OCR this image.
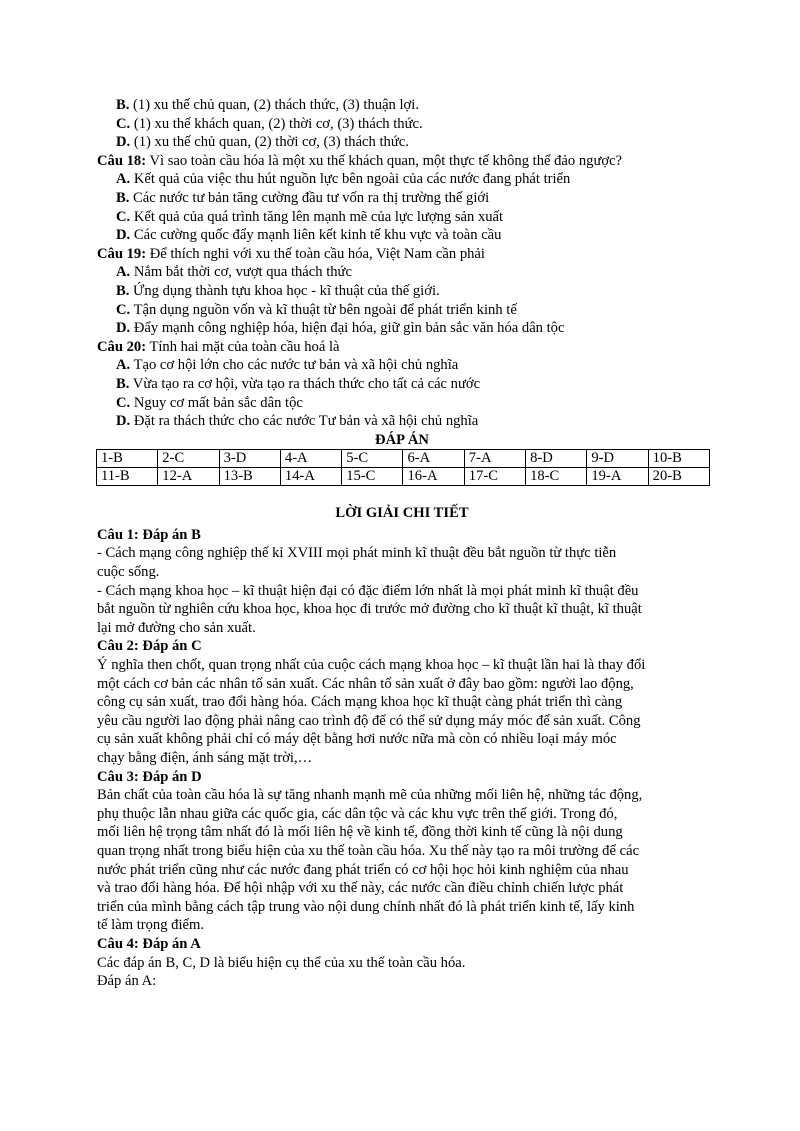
B. (1) xu thế chủ quan, (2) thách thức, (3) thuận lợi.
C. (1) xu thế khách quan, (2) thời cơ, (3) thách thức.
D. (1) xu thế chủ quan, (2) thời cơ, (3) thách thức.
Câu 18: Vì sao toàn cầu hóa là một xu thế khách quan, một thực tế không thể đảo ngược?
A. Kết quả của việc thu hút nguồn lực bên ngoài của các nước đang phát triển
B. Các nước tư bản tăng cường đầu tư vốn ra thị trường thế giới
C. Kết quả của quá trình tăng lên mạnh mẽ của lực lượng sản xuất
D. Các cường quốc đẩy mạnh liên kết kinh tế khu vực và toàn cầu
Câu 19: Để thích nghi với xu thế toàn cầu hóa, Việt Nam cần phải
A. Nắm bắt thời cơ, vượt qua thách thức
B. Ứng dụng thành tựu khoa học - kĩ thuật của thế giới.
C. Tận dụng nguồn vốn và kĩ thuật từ bên ngoài để phát triển kinh tế
D. Đẩy mạnh công nghiệp hóa, hiện đại hóa, giữ gìn bản sắc văn hóa dân tộc
Câu 20: Tính hai mặt của toàn cầu hoá là
A. Tạo cơ hội lớn cho các nước tư bản và xã hội chủ nghĩa
B. Vừa tạo ra cơ hội, vừa tạo ra thách thức cho tất cả các nước
C. Nguy cơ mất bản sắc dân tộc
D. Đặt ra thách thức cho các nước Tư bản và xã hội chủ nghĩa
ĐÁP ÁN
1-B	2-C	3-D	4-A	5-C	6-A	7-A	8-D	9-D	10-B
11-B	12-A	13-B	14-A	15-C	16-A	17-C	18-C	19-A	20-B
LỜI GIẢI CHI TIẾT
Câu 1: Đáp án B
- Cách mạng công nghiệp thế kỉ XVIII mọi phát minh kĩ thuật đều bắt nguồn từ thực tiễn
cuộc sống.
- Cách mạng khoa học – kĩ thuật hiện đại có đặc điểm lớn nhất là mọi phát minh kĩ thuật đều
bắt nguồn từ nghiên cứu khoa học, khoa học đi trước mở đường cho kĩ thuật kĩ thuật, kĩ thuật
lại mở đường cho sản xuất.
Câu 2: Đáp án C
Ý nghĩa then chốt, quan trọng nhất của cuộc cách mạng khoa học – kĩ thuật lần hai là thay đổi
một cách cơ bản các nhân tố sản xuất. Các nhân tố sản xuất ở đây bao gồm: người lao động,
công cụ sản xuất, trao đổi hàng hóa. Cách mạng khoa học kĩ thuật càng phát triển thì càng
yêu cầu người lao động phải nâng cao trình độ để có thể sử dụng máy móc để sản xuất. Công
cụ sản xuất không phải chỉ có máy dệt bằng hơi nước nữa mà còn có nhiều loại máy móc
chạy bằng điện, ánh sáng mặt trời,…
Câu 3: Đáp án D
Bản chất của toàn cầu hóa là sự tăng nhanh mạnh mẽ của những mối liên hệ, những tác động,
phụ thuộc lẫn nhau giữa các quốc gia, các dân tộc và các khu vực trên thế giới. Trong đó,
mối liên hệ trọng tâm nhất đó là mối liên hệ về kinh tế, đồng thời kinh tế cũng là nội dung
quan trọng nhất trong biểu hiện của xu thế toàn cầu hóa. Xu thế này tạo ra môi trường để các
nước phát triển cũng như các nước đang phát triển có cơ hội học hỏi kinh nghiệm của nhau
và trao đổi hàng hóa. Để hội nhập với xu thế này, các nước cần điều chỉnh chiến lược phát
triển của mình bằng cách tập trung vào nội dung chính nhất đó là phát triển kinh tế, lấy kinh
tế làm trọng điểm.
Câu 4: Đáp án A
Các đáp án B, C, D là biểu hiện cụ thể của xu thế toàn cầu hóa.
Đáp án A:
